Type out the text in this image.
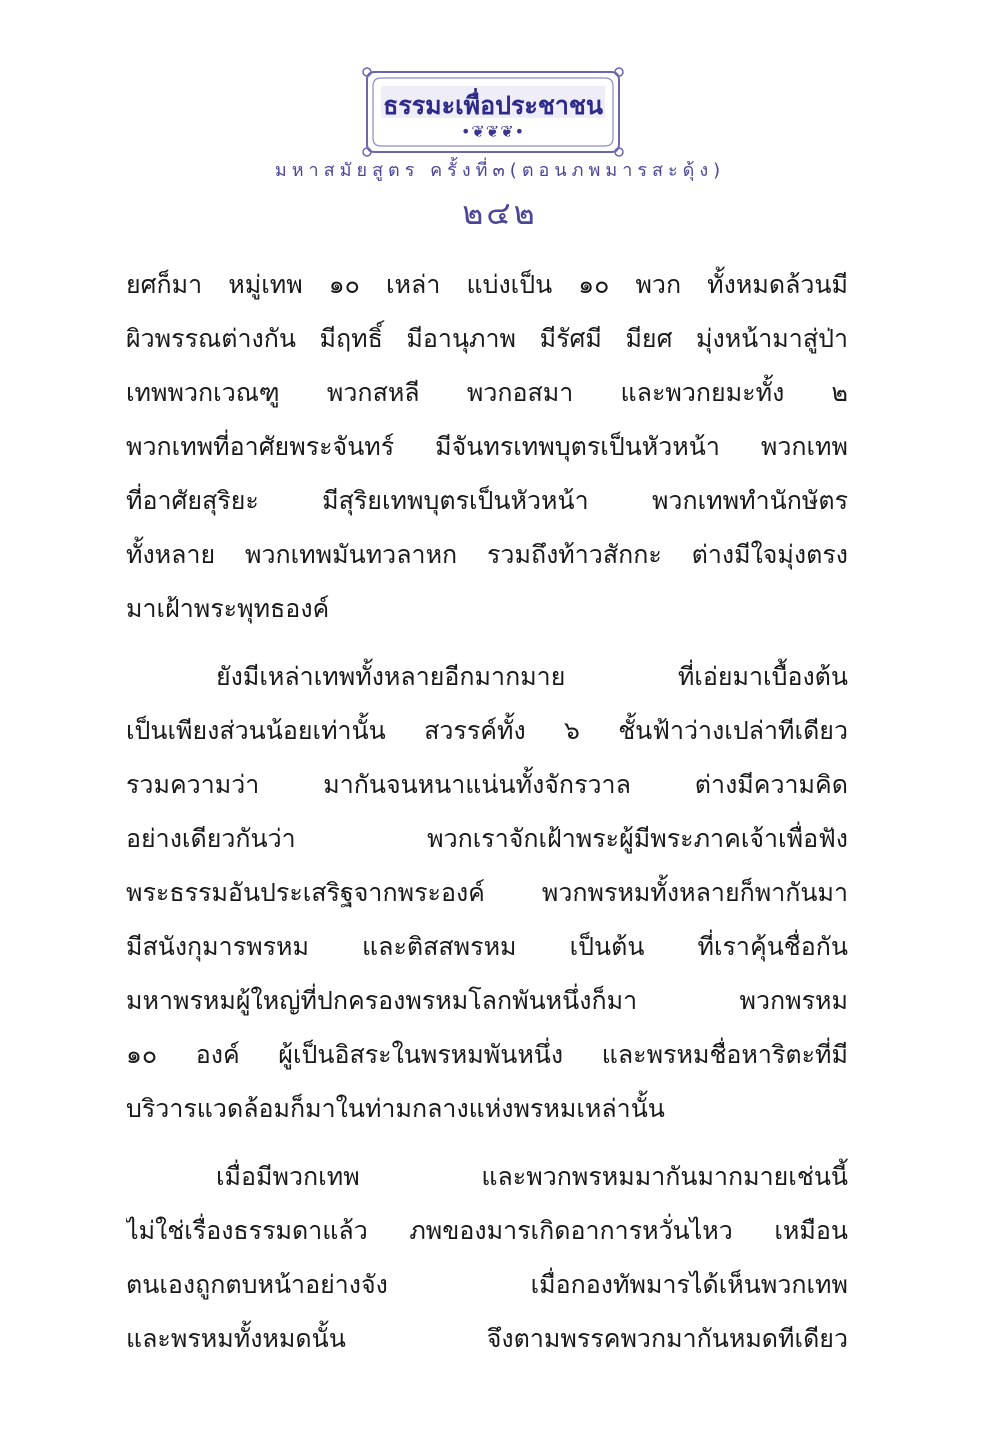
ธรรมะเพื่อประชาชน
•❦❦❦•
มหาสมัยสูตร ครั้งที่๓(ตอนภพมารสะดุ้ง)
๒๔๒
ยศก็มา หมู่เทพ ๑๐ เหล่า แบ่งเป็น ๑๐ พวก ทั้งหมดล้วนมี
ผิวพรรณต่างกัน มีฤทธิ์ มีอานุภาพ มีรัศมี มียศ มุ่งหน้ามาสู่ป่า
เทพพวกเวณฑู พวกสหลี พวกอสมา และพวกยมะทั้ง ๒
พวกเทพที่อาศัยพระจันทร์ มีจันทรเทพบุตรเป็นหัวหน้า พวกเทพ
ที่อาศัยสุริยะ มีสุริยเทพบุตรเป็นหัวหน้า พวกเทพทำนักษัตร
ทั้งหลาย พวกเทพมันทวลาหก รวมถึงท้าวสักกะ ต่างมีใจมุ่งตรง
มาเฝ้าพระพุทธองค์
ยังมีเหล่าเทพทั้งหลายอีกมากมาย ที่เอ่ยมาเบื้องต้น
เป็นเพียงส่วนน้อยเท่านั้น สวรรค์ทั้ง ๖ ชั้นฟ้าว่างเปล่าทีเดียว
รวมความว่า มากันจนหนาแน่นทั้งจักรวาล ต่างมีความคิด
อย่างเดียวกันว่า พวกเราจักเฝ้าพระผู้มีพระภาคเจ้าเพื่อฟัง
พระธรรมอันประเสริฐจากพระองค์ พวกพรหมทั้งหลายก็พากันมา
มีสนังกุมารพรหม และติสสพรหม เป็นต้น ที่เราคุ้นชื่อกัน
มหาพรหมผู้ใหญ่ที่ปกครองพรหมโลกพันหนึ่งก็มา พวกพรหม
๑๐ องค์ ผู้เป็นอิสระในพรหมพันหนึ่ง และพรหมชื่อหาริตะที่มี
บริวารแวดล้อมก็มาในท่ามกลางแห่งพรหมเหล่านั้น
เมื่อมีพวกเทพ และพวกพรหมมากันมากมายเช่นนี้
ไม่ใช่เรื่องธรรมดาแล้ว ภพของมารเกิดอาการหวั่นไหว เหมือน
ตนเองถูกตบหน้าอย่างจัง เมื่อกองทัพมารได้เห็นพวกเทพ
และพรหมทั้งหมดนั้น จึงตามพรรคพวกมากันหมดทีเดียว
